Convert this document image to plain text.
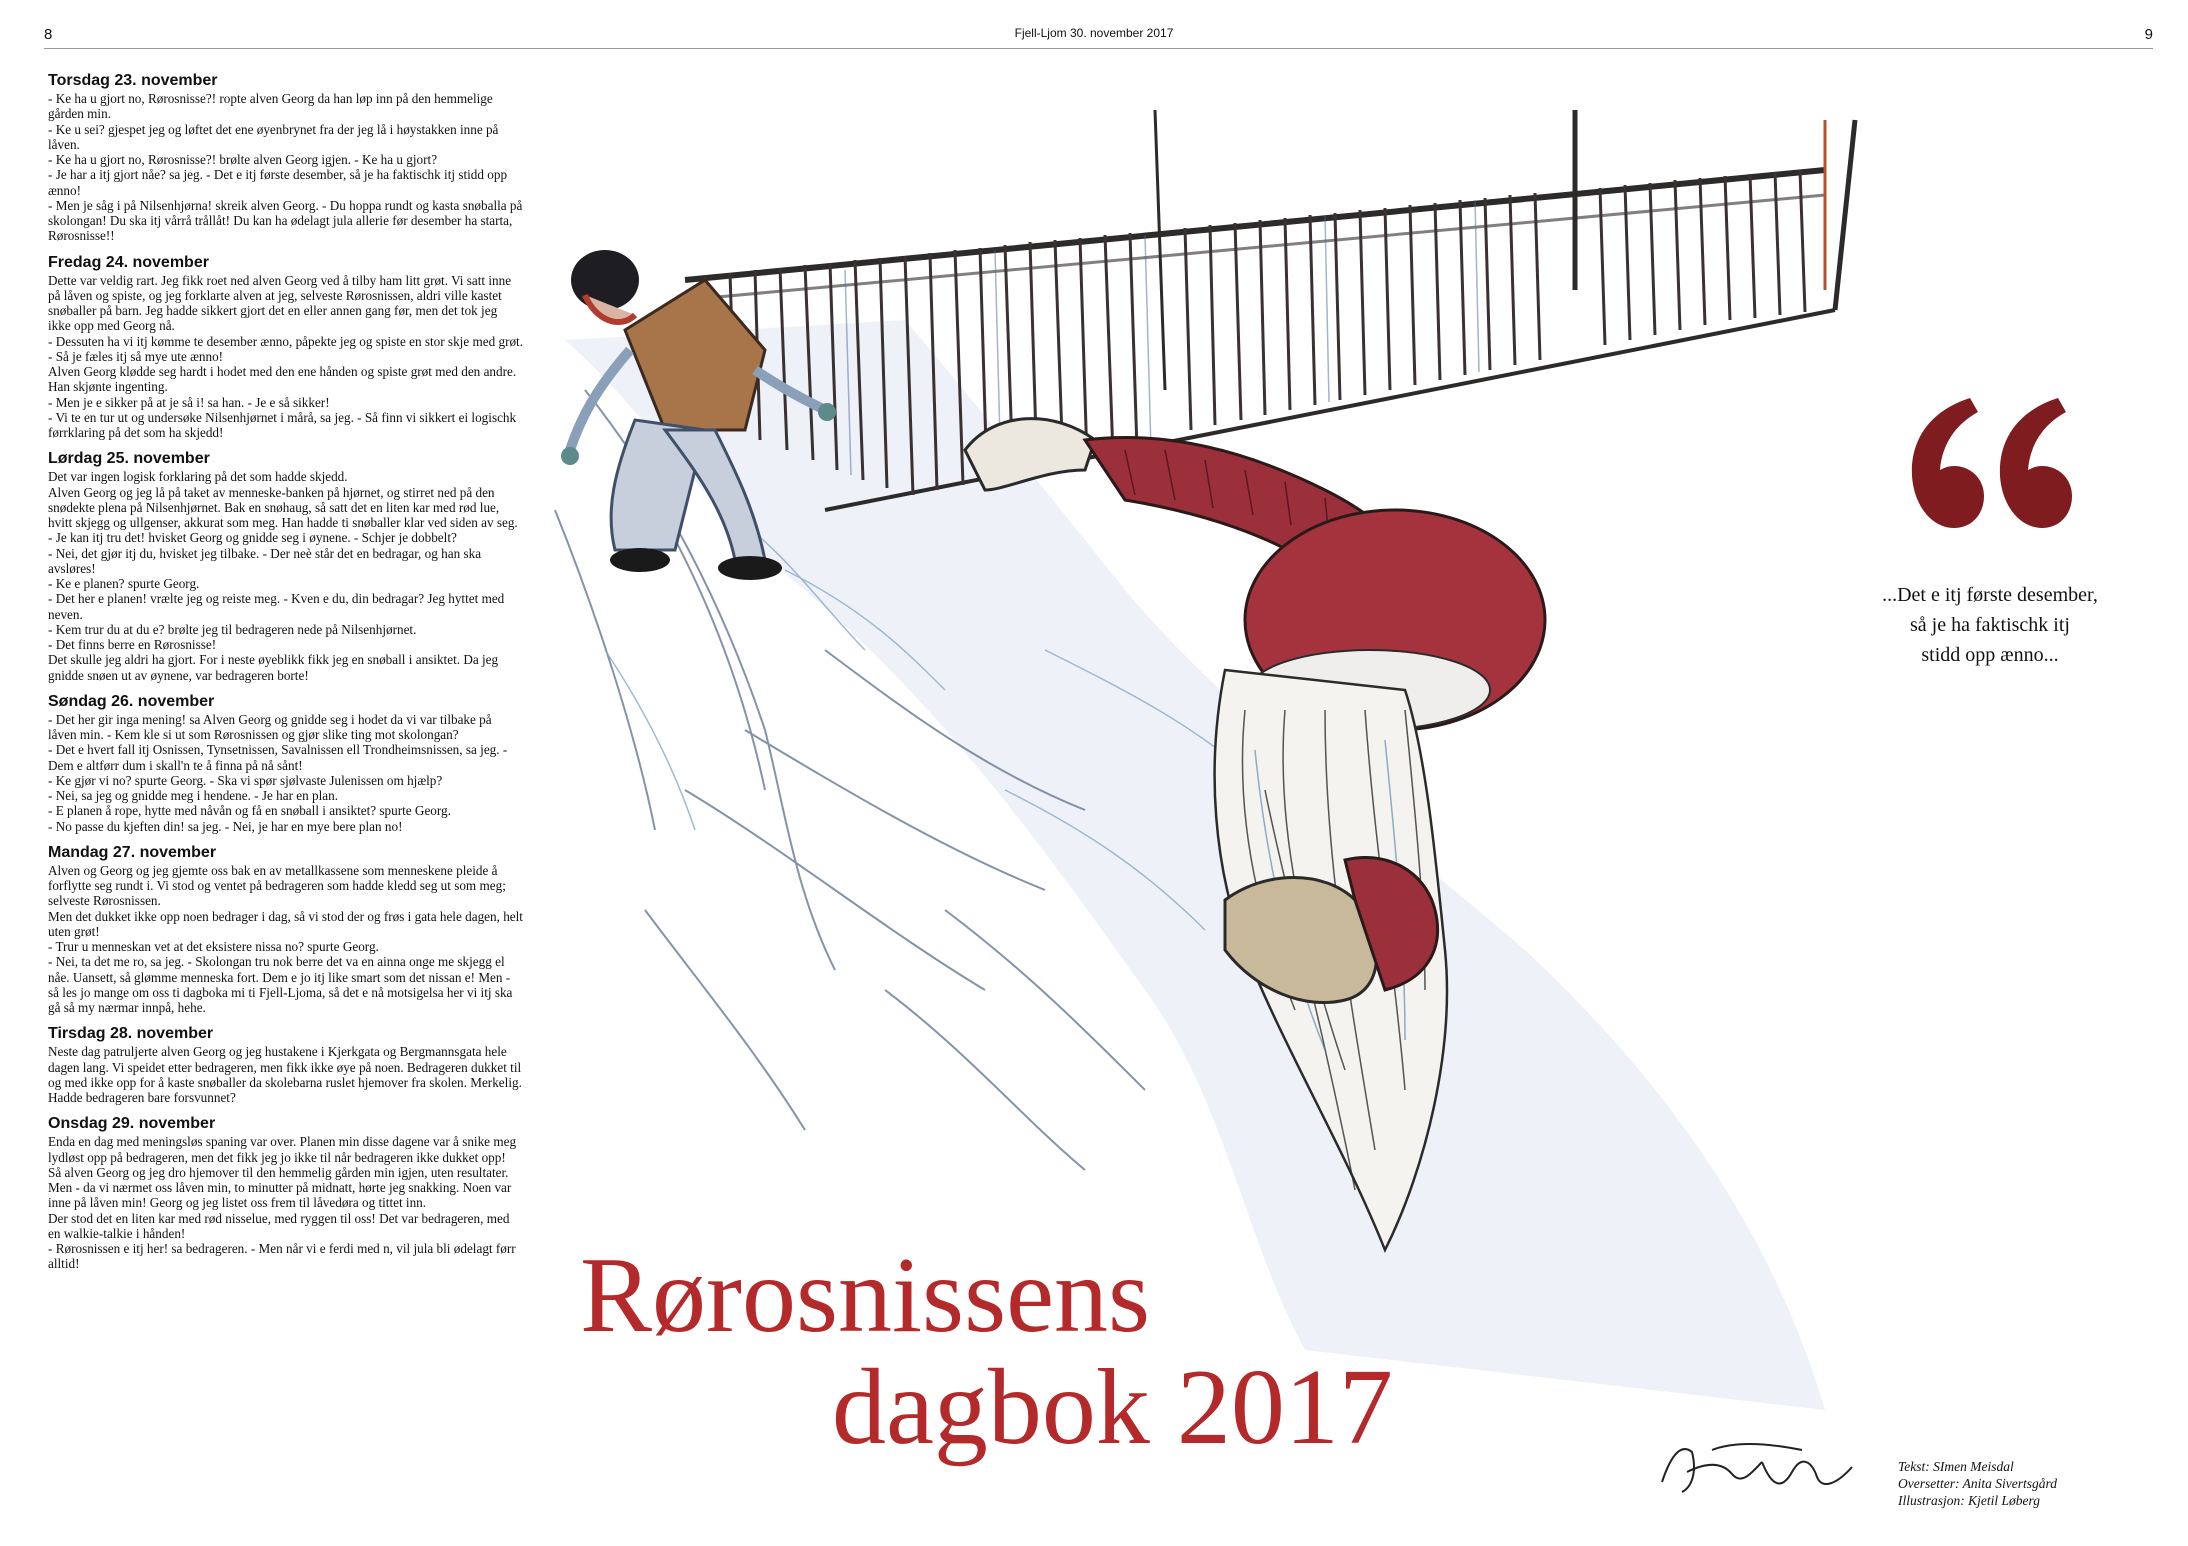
8	Fjell-Ljom 30. november 2017	9
Torsdag 23. november

- Ke ha u gjort no, Rørosnisse?! ropte alven Georg da han løp inn på den hemmelige gården min.
- Ke u sei? gjespet jeg og løftet det ene øyenbrynet fra der jeg lå i høystakken inne på låven.
- Ke ha u gjort no, Rørosnisse?! brølte alven Georg igjen. - Ke ha u gjort?
- Je har a itj gjort nåe? sa jeg. - Det e itj første desember, så je ha faktischk itj stidd opp ænno!
- Men je såg i på Nilsenhjørna! skreik alven Georg. - Du hoppa rundt og kasta snøballa på skolongan! Du ska itj vårrå trållåt! Du kan ha ødelagt jula allerie før desember ha starta, Rørosnisse!!

Fredag 24. november

Dette var veldig rart. Jeg fikk roet ned alven Georg ved å tilby ham litt grøt. Vi satt inne på låven og spiste, og jeg forklarte alven at jeg, selveste Rørosnissen, aldri ville kastet snøballer på barn. Jeg hadde sikkert gjort det en eller annen gang før, men det tok jeg ikke opp med Georg nå.
- Dessuten ha vi itj kømme te desember ænno, påpekte jeg og spiste en stor skje med grøt. - Så je fæles itj så mye ute ænno!
Alven Georg klødde seg hardt i hodet med den ene hånden og spiste grøt med den andre. Han skjønte ingenting.
- Men je e sikker på at je så i! sa han. - Je e så sikker!
- Vi te en tur ut og undersøke Nilsenhjørnet i mårå, sa jeg. - Så finn vi sikkert ei logischk førrklaring på det som ha skjedd!

Lørdag 25. november

Det var ingen logisk forklaring på det som hadde skjedd.
Alven Georg og jeg lå på taket av menneske-banken på hjørnet, og stirret ned på den snødekte plena på Nilsenhjørnet. Bak en snøhaug, så satt det en liten kar med rød lue, hvitt skjegg og ullgenser, akkurat som meg. Han hadde ti snøballer klar ved siden av seg.
- Je kan itj tru det! hvisket Georg og gnidde seg i øynene. - Schjer je dobbelt?
- Nei, det gjør itj du, hvisket jeg tilbake. - Der neè står det en bedragar, og han ska avsløres!
- Ke e planen? spurte Georg.
- Det her e planen! vrælte jeg og reiste meg. - Kven e du, din bedragar? Jeg hyttet med neven.
- Kem trur du at du e? brølte jeg til bedrageren nede på Nilsenhjørnet.
- Det finns berre en Rørosnisse!
Det skulle jeg aldri ha gjort. For i neste øyeblikk fikk jeg en snøball i ansiktet. Da jeg gnidde snøen ut av øynene, var bedrageren borte!

Søndag 26. november

- Det her gir inga mening! sa Alven Georg og gnidde seg i hodet da vi var tilbake på låven min. - Kem kle si ut som Rørosnissen og gjør slike ting mot skolongan?
- Det e hvert fall itj Osnissen, Tynsetnissen, Savalnissen ell Trondheimsnissen, sa jeg. - Dem e altførr dum i skall'n te å finna på nå sånt!
- Ke gjør vi no? spurte Georg. - Ska vi spør sjølvaste Julenissen om hjælp?
- Nei, sa jeg og gnidde meg i hendene. - Je har en plan.
- E planen å rope, hytte med nåvån og få en snøball i ansiktet? spurte Georg.
- No passe du kjeften din! sa jeg. - Nei, je har en mye bere plan no!

Mandag 27. november

Alven og Georg og jeg gjemte oss bak en av metallkassene som menneskene pleide å forflytte seg rundt i. Vi stod og ventet på bedrageren som hadde kledd seg ut som meg; selveste Rørosnissen.
Men det dukket ikke opp noen bedrager i dag, så vi stod der og frøs i gata hele dagen, helt uten grøt!
- Trur u menneskan vet at det eksistere nissa no? spurte Georg.
- Nei, ta det me ro, sa jeg. - Skolongan tru nok berre det va en ainna onge me skjegg el nåe. Uansett, så glømme menneska fort. Dem e jo itj like smart som det nissan e! Men - så les jo mange om oss ti dagboka mi ti Fjell-Ljoma, så det e nå motsigelsa her vi itj ska gå så my nærmar innpå, hehe.

Tirsdag 28. november

Neste dag patruljerte alven Georg og jeg hustakene i Kjerkgata og Bergmannsgata hele dagen lang. Vi speidet etter bedrageren, men fikk ikke øye på noen. Bedrageren dukket til og med ikke opp for å kaste snøballer da skolebarna ruslet hjemover fra skolen. Merkelig. Hadde bedrageren bare forsvunnet?

Onsdag 29. november

Enda en dag med meningsløs spaning var over. Planen min disse dagene var å snike meg lydløst opp på bedrageren, men det fikk jeg jo ikke til når bedrageren ikke dukket opp!
Så alven Georg og jeg dro hjemover til den hemmelig gården min igjen, uten resultater.
Men - da vi nærmet oss låven min, to minutter på midnatt, hørte jeg snakking. Noen var inne på låven min! Georg og jeg listet oss frem til låvedøra og tittet inn.
Der stod det en liten kar med rød nisselue, med ryggen til oss! Det var bedrageren, med en walkie-talkie i hånden!
- Rørosnissen e itj her! sa bedrageren. - Men når vi e ferdi med n, vil jula bli ødelagt førr alltid!

...Det e itj første desember,

så je ha faktischk itj

stidd opp ænno...

Rørosnissens
dagbok 2017	Tekst: SImen Meisdal

Oversetter: Anita Sivertsgård

Illustrasjon: Kjetil Løberg
